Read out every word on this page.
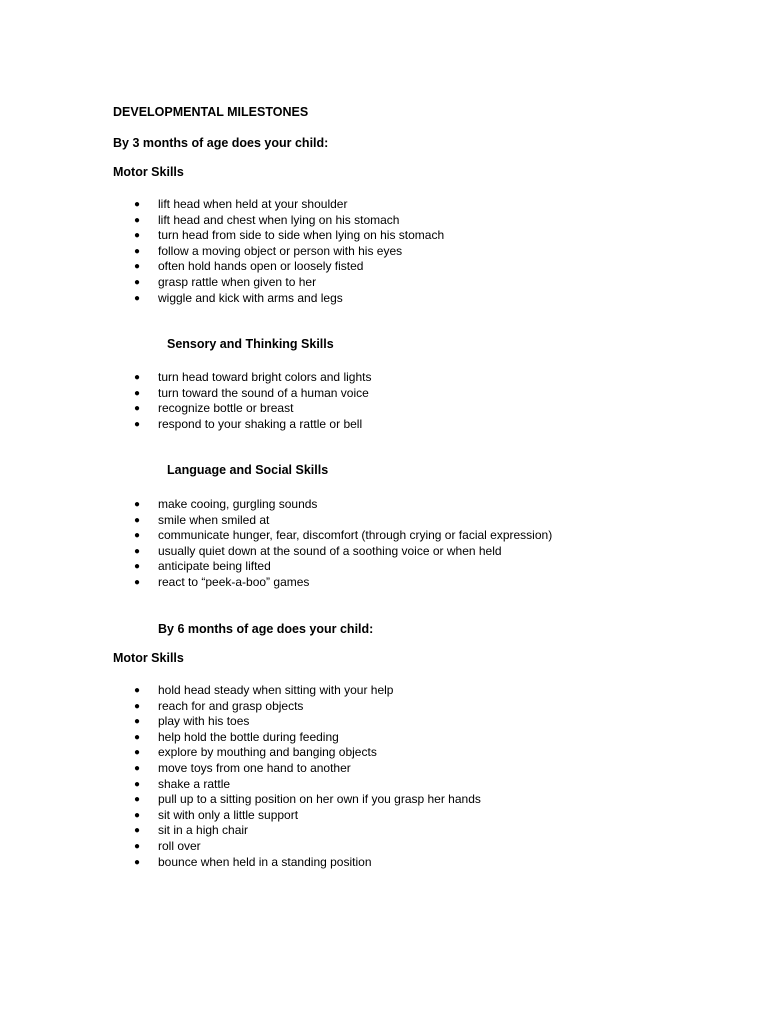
DEVELOPMENTAL MILESTONES
By 3 months of age does your child:
Motor Skills
● lift head when held at your shoulder
● lift head and chest when lying on his stomach
● turn head from side to side when lying on his stomach
● follow a moving object or person with his eyes
● often hold hands open or loosely fisted
● grasp rattle when given to her
● wiggle and kick with arms and legs
Sensory and Thinking Skills
● turn head toward bright colors and lights
● turn toward the sound of a human voice
● recognize bottle or breast
● respond to your shaking a rattle or bell
Language and Social Skills
● make cooing, gurgling sounds
● smile when smiled at
● communicate hunger, fear, discomfort (through crying or facial expression)
● usually quiet down at the sound of a soothing voice or when held
● anticipate being lifted
● react to “peek-a-boo” games
By 6 months of age does your child:
Motor Skills
● hold head steady when sitting with your help
● reach for and grasp objects
● play with his toes
● help hold the bottle during feeding
● explore by mouthing and banging objects
● move toys from one hand to another
● shake a rattle
● pull up to a sitting position on her own if you grasp her hands
● sit with only a little support
● sit in a high chair
● roll over
● bounce when held in a standing position
